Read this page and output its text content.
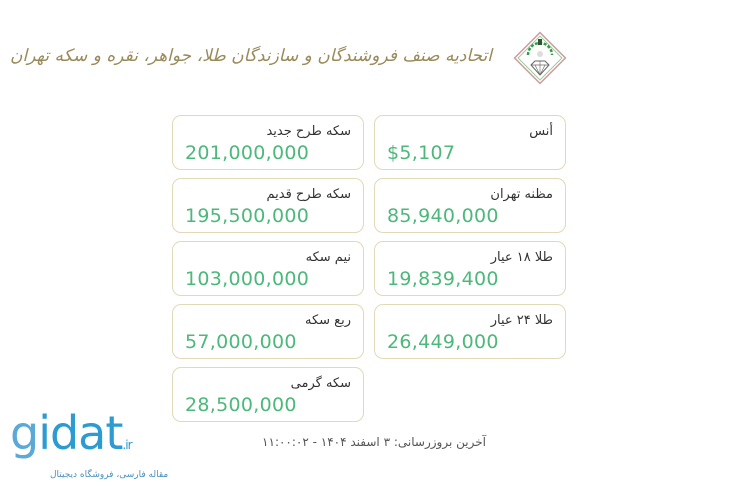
اتحادیه صنف فروشندگان و سازندگان طلا، جواهر، نقره و سکه تهران
سکه طرح جدید
201,000,000
سکه طرح قدیم
195,500,000
نیم سکه
103,000,000
ربع سکه
57,000,000
سکه گرمی
28,500,000
أنس
$5,107
مظنه تهران
85,940,000
طلا ۱۸ عیار
19,839,400
طلا ۲۴ عیار
26,449,000
آخرین بروزرسانی: ۳ اسفند ۱۴۰۴ - ۱۱:۰۰:۰۲
gidat.ir
مقاله فارسی، فروشگاه دیجیتال
